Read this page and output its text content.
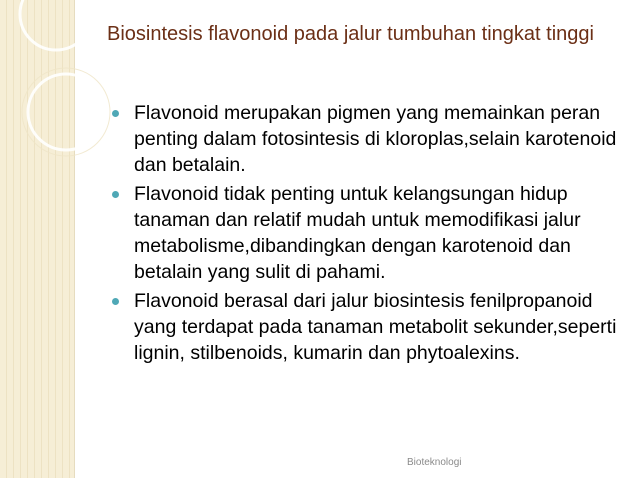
Biosintesis flavonoid pada jalur tumbuhan tingkat tinggi
Flavonoid merupakan pigmen yang memainkan peran penting dalam fotosintesis di kloroplas,selain karotenoid dan betalain.
Flavonoid tidak penting untuk kelangsungan hidup tanaman dan relatif mudah untuk memodifikasi jalur metabolisme,dibandingkan dengan karotenoid dan betalain yang sulit di pahami.
Flavonoid berasal dari jalur biosintesis fenilpropanoid yang terdapat pada tanaman metabolit sekunder,seperti lignin, stilbenoids, kumarin dan phytoalexins.
Bioteknologi
